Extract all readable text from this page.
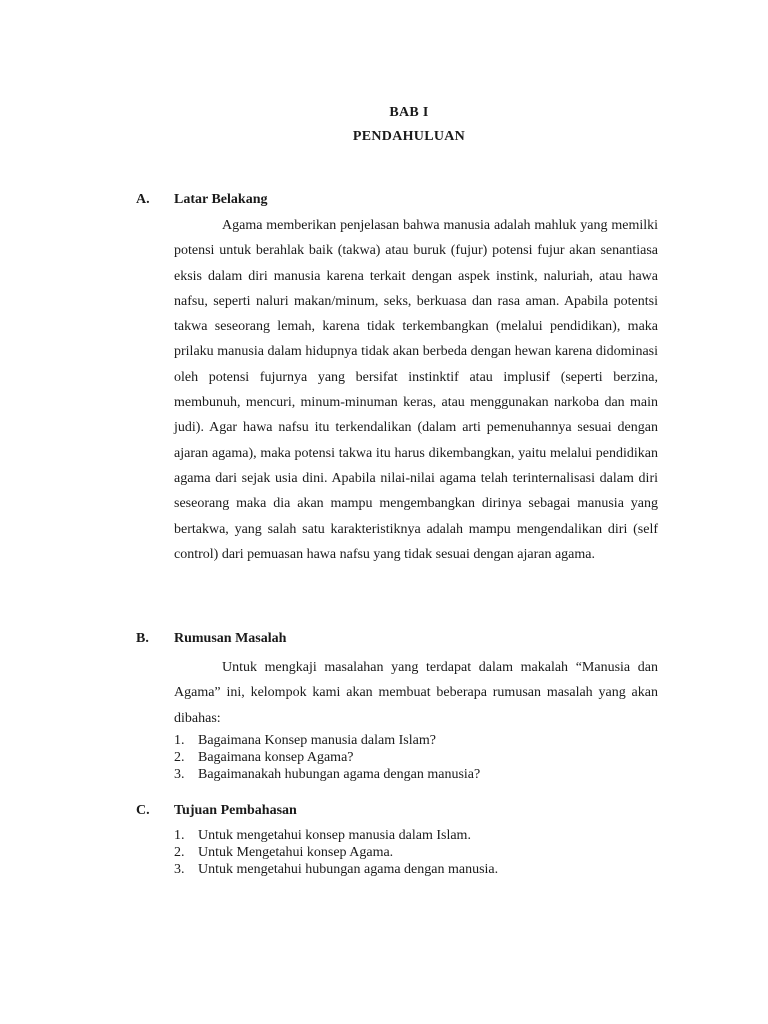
BAB I
PENDAHULUAN
A. Latar Belakang

Agama memberikan penjelasan bahwa manusia adalah mahluk yang memilki potensi untuk berahlak baik (takwa) atau buruk (fujur) potensi fujur akan senantiasa eksis dalam diri manusia karena terkait dengan aspek instink, naluriah, atau hawa nafsu, seperti naluri makan/minum, seks, berkuasa dan rasa aman. Apabila potentsi takwa seseorang lemah, karena tidak terkembangkan (melalui pendidikan), maka prilaku manusia dalam hidupnya tidak akan berbeda dengan hewan karena didominasi oleh potensi fujurnya yang bersifat instinktif atau implusif (seperti berzina, membunuh, mencuri, minum-minuman keras, atau menggunakan narkoba dan main judi). Agar hawa nafsu itu terkendalikan (dalam arti pemenuhannya sesuai dengan ajaran agama), maka potensi takwa itu harus dikembangkan, yaitu melalui pendidikan agama dari sejak usia dini. Apabila nilai-nilai agama telah terinternalisasi dalam diri seseorang maka dia akan mampu mengembangkan dirinya sebagai manusia yang bertakwa, yang salah satu karakteristiknya adalah mampu mengendalikan diri (self control) dari pemuasan hawa nafsu yang tidak sesuai dengan ajaran agama.

B. Rumusan Masalah

Untuk mengkaji masalahan yang terdapat dalam makalah “Manusia dan Agama” ini, kelompok kami akan membuat beberapa rumusan masalah yang akan dibahas:

1. Bagaimana Konsep manusia dalam Islam?
2. Bagaimana konsep Agama?
3. Bagaimanakah hubungan agama dengan manusia?
C. Tujuan Pembahasan
1. Untuk mengetahui konsep manusia dalam Islam.
2. Untuk Mengetahui konsep Agama.
3. Untuk mengetahui hubungan agama dengan manusia.
